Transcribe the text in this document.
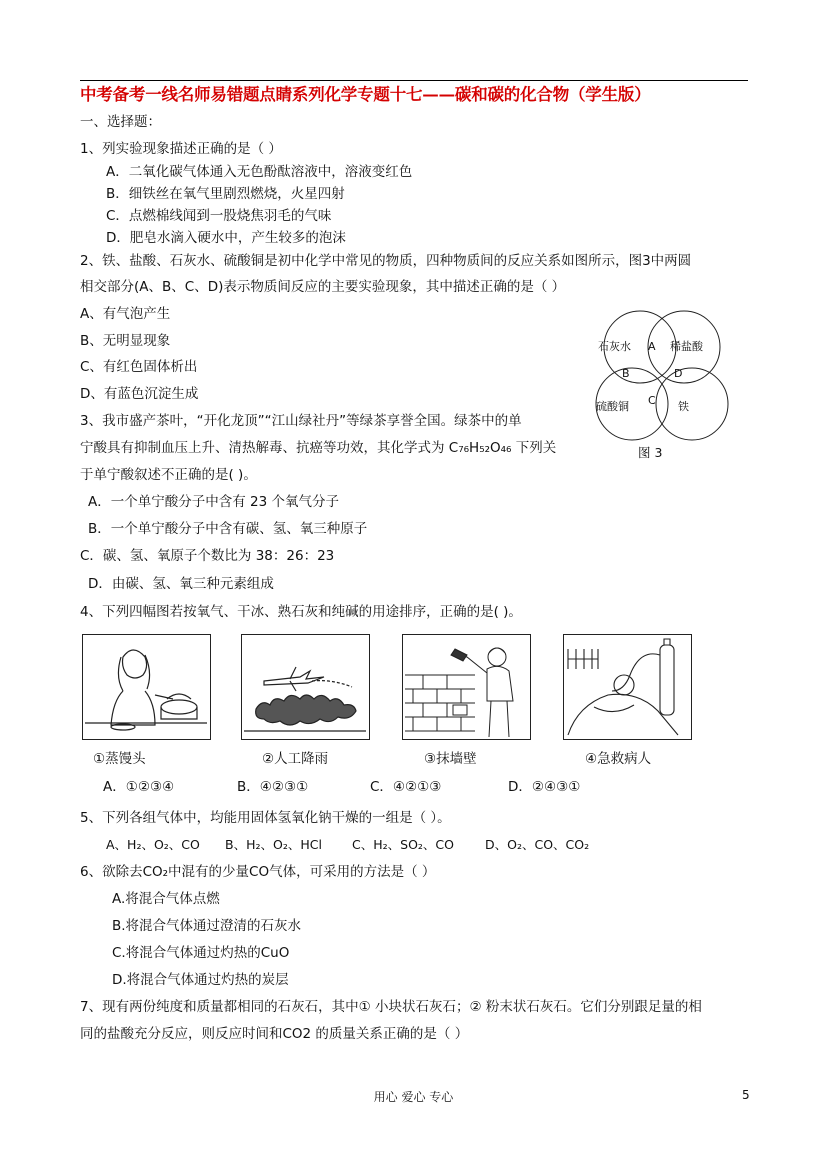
中考备考一线名师易错题点睛系列化学专题十七——碳和碳的化合物（学生版）
一、选择题：
1、列实验现象描述正确的是（ ）
A．二氧化碳气体通入无色酚酞溶液中，溶液变红色
B．细铁丝在氧气里剧烈燃烧，火星四射
C．点燃棉线闻到一股烧焦羽毛的气味
D．肥皂水滴入硬水中，产生较多的泡沫
2、铁、盐酸、石灰水、硫酸铜是初中化学中常见的物质，四种物质间的反应关系如图所示，图3中两圆
相交部分(A、B、C、D)表示物质间反应的主要实验现象，其中描述正确的是（ ）
A、有气泡产生
B、无明显现象
C、有红色固体析出
D、有蓝色沉淀生成
石灰水	稀盐酸
硫酸铜	铁
A
B
C
D
图 3
3、我市盛产茶叶，“开化龙顶”“江山绿社丹”等绿茶享誉全国。绿茶中的单
宁酸具有抑制血压上升、清热解毒、抗癌等功效，其化学式为 C₇₆H₅₂O₄₆ 下列关
于单宁酸叙述不正确的是( )。
A．一个单宁酸分子中含有 23 个氧气分子
B．一个单宁酸分子中含有碳、氢、氧三种原子
C．碳、氢、氧原子个数比为 38：26：23
D．由碳、氢、氧三种元素组成
4、下列四幅图若按氧气、干冰、熟石灰和纯碱的用途排序，正确的是( )。
①蒸馒头	②人工降雨	③抹墙壁	④急救病人
A．①②③④	B．④②③①	C．④②①③	D．②④③①
5、下列各组气体中，均能用固体氢氧化钠干燥的一组是（ ）。
A、H₂、O₂、CO B、H₂、O₂、HCl C、H₂、SO₂、CO D、O₂、CO、CO₂
6、欲除去CO₂中混有的少量CO气体，可采用的方法是（ ）
A.将混合气体点燃
B.将混合气体通过澄清的石灰水
C.将混合气体通过灼热的CuO
D.将混合气体通过灼热的炭层
7、现有两份纯度和质量都相同的石灰石，其中① 小块状石灰石；② 粉末状石灰石。它们分别跟足量的相
同的盐酸充分反应，则反应时间和CO2 的质量关系正确的是（ ）
用心 爱心 专心	5
